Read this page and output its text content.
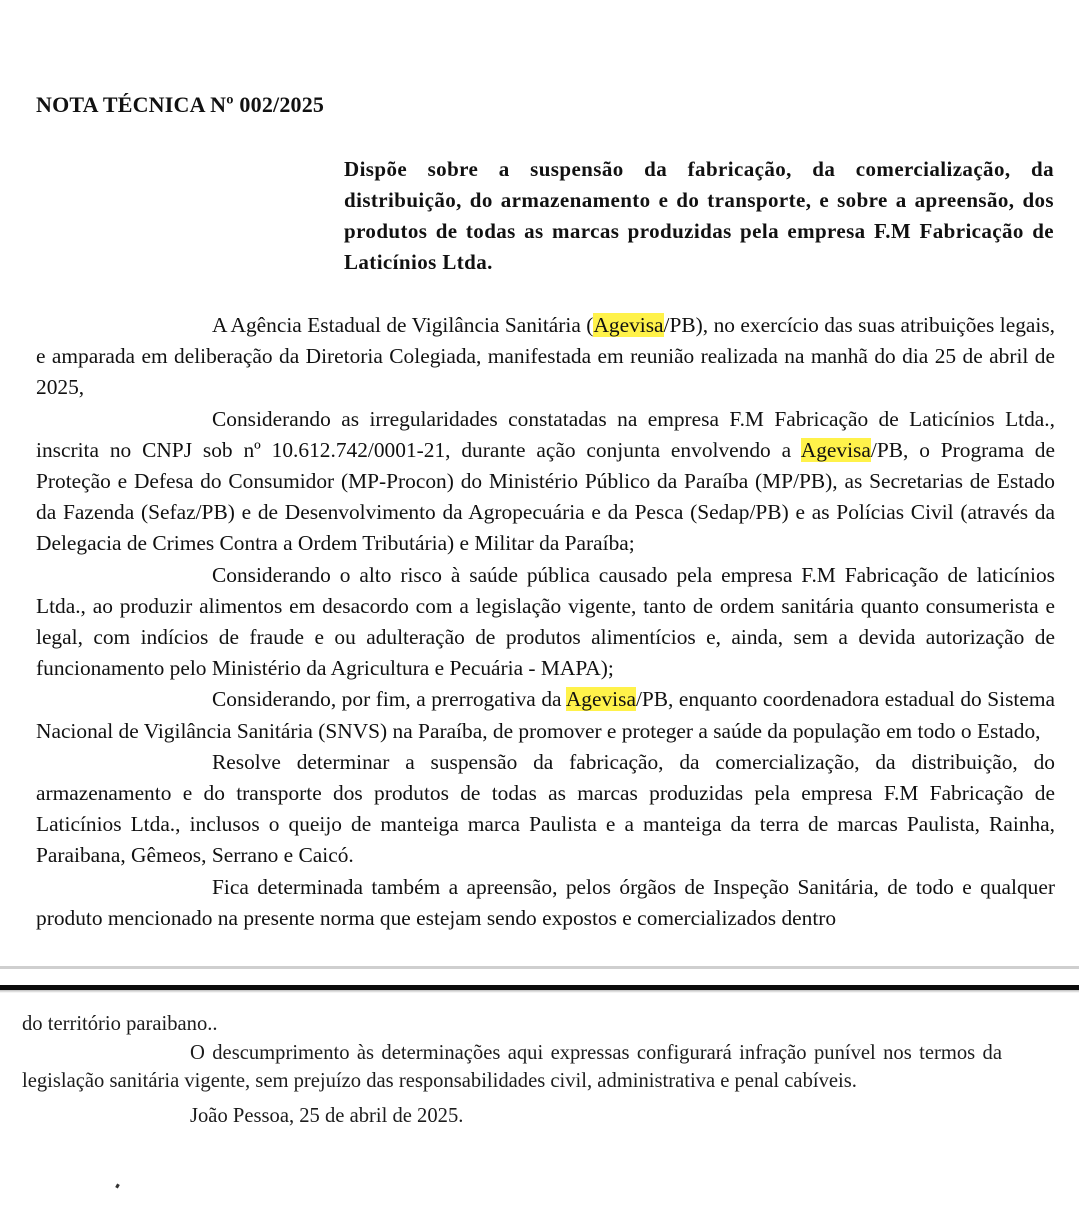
NOTA TÉCNICA Nº 002/2025
Dispõe sobre a suspensão da fabricação, da comercialização, da distribuição, do armazenamento e do transporte, e sobre a apreensão, dos produtos de todas as marcas produzidas pela empresa F.M Fabricação de Laticínios Ltda.

A Agência Estadual de Vigilância Sanitária (Agevisa/PB), no exercício das suas atribuições legais, e amparada em deliberação da Diretoria Colegiada, manifestada em reunião realizada na manhã do dia 25 de abril de 2025,

Considerando as irregularidades constatadas na empresa F.M Fabricação de Laticínios Ltda., inscrita no CNPJ sob nº 10.612.742/0001-21, durante ação conjunta envolvendo a Agevisa/PB, o Programa de Proteção e Defesa do Consumidor (MP-Procon) do Ministério Público da Paraíba (MP/PB), as Secretarias de Estado da Fazenda (Sefaz/PB) e de Desenvolvimento da Agropecuária e da Pesca (Sedap/PB) e as Polícias Civil (através da Delegacia de Crimes Contra a Ordem Tributária) e Militar da Paraíba;

Considerando o alto risco à saúde pública causado pela empresa F.M Fabricação de laticínios Ltda., ao produzir alimentos em desacordo com a legislação vigente, tanto de ordem sanitária quanto consumerista e legal, com indícios de fraude e ou adulteração de produtos alimentícios e, ainda, sem a devida autorização de funcionamento pelo Ministério da Agricultura e Pecuária - MAPA);

Considerando, por fim, a prerrogativa da Agevisa/PB, enquanto coordenadora estadual do Sistema Nacional de Vigilância Sanitária (SNVS) na Paraíba, de promover e proteger a saúde da população em todo o Estado,

Resolve determinar a suspensão da fabricação, da comercialização, da distribuição, do armazenamento e do transporte dos produtos de todas as marcas produzidas pela empresa F.M Fabricação de Laticínios Ltda., inclusos o queijo de manteiga marca Paulista e a manteiga da terra de marcas Paulista, Rainha, Paraibana, Gêmeos, Serrano e Caicó.

Fica determinada também a apreensão, pelos órgãos de Inspeção Sanitária, de todo e qualquer produto mencionado na presente norma que estejam sendo expostos e comercializados dentro

do território paraibano..

O descumprimento às determinações aqui expressas configurará infração punível nos termos da legislação sanitária vigente, sem prejuízo das responsabilidades civil, administrativa e penal cabíveis.

João Pessoa, 25 de abril de 2025.
